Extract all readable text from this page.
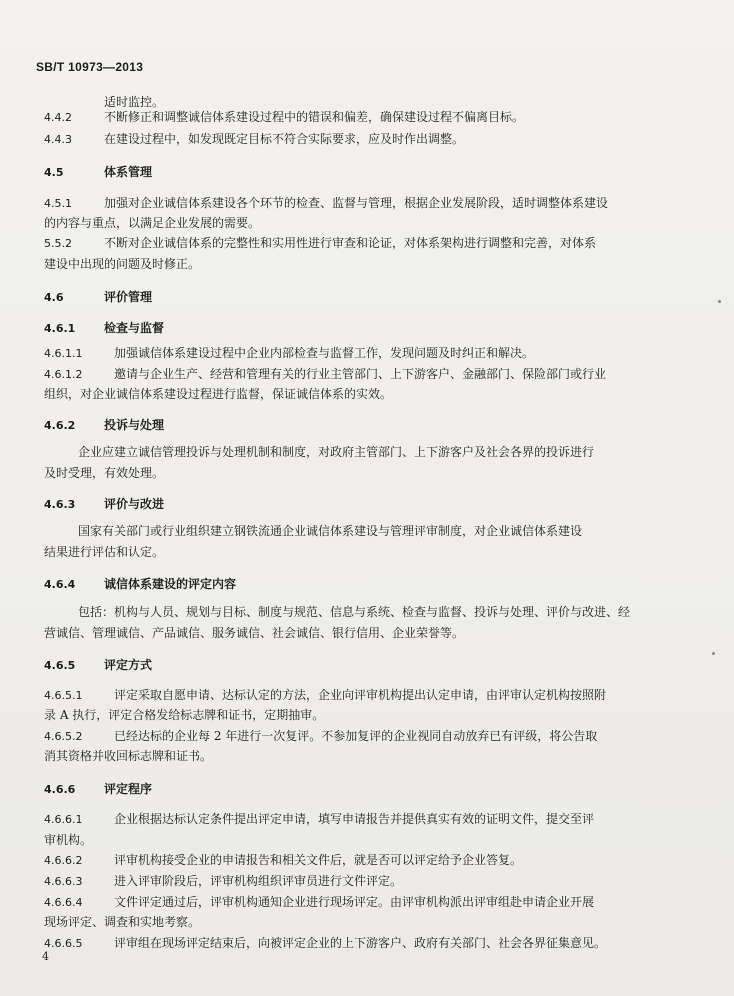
SB/T 10973—2013
适时监控。
4.4.2	不断修正和调整诚信体系建设过程中的错误和偏差，确保建设过程不偏离目标。
4.4.3	在建设过程中，如发现既定目标不符合实际要求，应及时作出调整。
4.5	体系管理
4.5.1	加强对企业诚信体系建设各个环节的检查、监督与管理，根据企业发展阶段，适时调整体系建设
的内容与重点，以满足企业发展的需要。
5.5.2	不断对企业诚信体系的完整性和实用性进行审查和论证，对体系架构进行调整和完善，对体系
建设中出现的问题及时修正。
4.6	评价管理
4.6.1 检查与监督
4.6.1.1	加强诚信体系建设过程中企业内部检查与监督工作，发现问题及时纠正和解决。
4.6.1.2	邀请与企业生产、经营和管理有关的行业主管部门、上下游客户、金融部门、保险部门或行业
组织，对企业诚信体系建设过程进行监督，保证诚信体系的实效。
4.6.2 投诉与处理
企业应建立诚信管理投诉与处理机制和制度，对政府主管部门、上下游客户及社会各界的投诉进行
及时受理，有效处理。
4.6.3 评价与改进
国家有关部门或行业组织建立钢铁流通企业诚信体系建设与管理评审制度，对企业诚信体系建设
结果进行评估和认定。
4.6.4 诚信体系建设的评定内容
包括：机构与人员、规划与目标、制度与规范、信息与系统、检查与监督、投诉与处理、评价与改进、经
营诚信、管理诚信、产品诚信、服务诚信、社会诚信、银行信用、企业荣誉等。
4.6.5 评定方式
4.6.5.1	评定采取自愿申请、达标认定的方法，企业向评审机构提出认定申请，由评审认定机构按照附
录 A 执行，评定合格发给标志牌和证书，定期抽审。
4.6.5.2	已经达标的企业每 2 年进行一次复评。不参加复评的企业视同自动放弃已有评级，将公告取
消其资格并收回标志牌和证书。
4.6.6 评定程序
4.6.6.1	企业根据达标认定条件提出评定申请，填写申请报告并提供真实有效的证明文件，提交至评
审机构。
4.6.6.2	评审机构接受企业的申请报告和相关文件后，就是否可以评定给予企业答复。
4.6.6.3	进入评审阶段后，评审机构组织评审员进行文件评定。
4.6.6.4	文件评定通过后，评审机构通知企业进行现场评定。由评审机构派出评审组赴申请企业开展
现场评定、调查和实地考察。
4.6.6.5	评审组在现场评定结束后，向被评定企业的上下游客户、政府有关部门、社会各界征集意见。
4
